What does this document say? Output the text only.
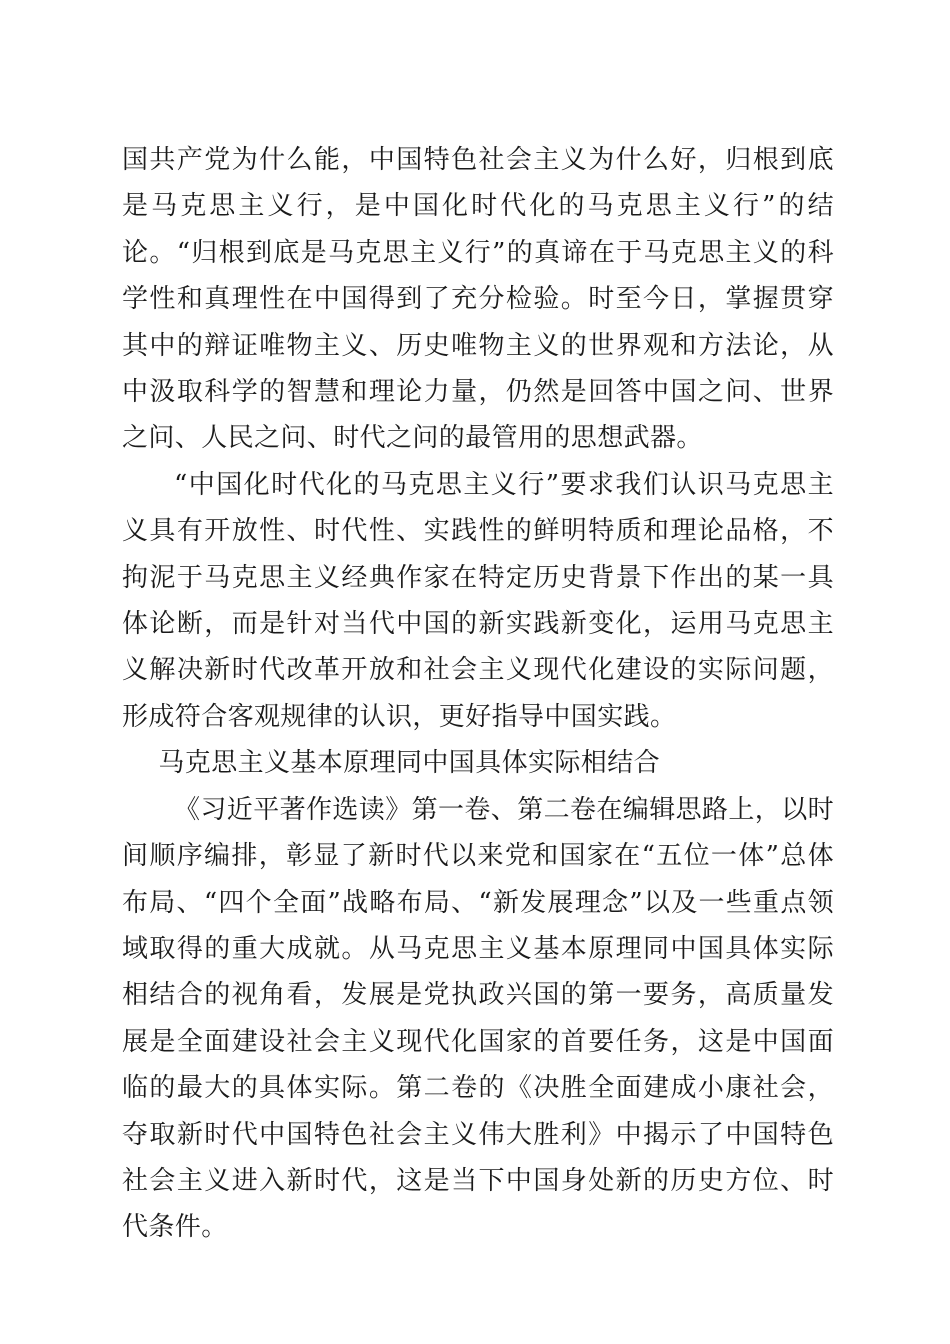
国共产党为什么能，中国特色社会主义为什么好，归根到底是马克思主义行，是中国化时代化的马克思主义行”的结论。“归根到底是马克思主义行”的真谛在于马克思主义的科学性和真理性在中国得到了充分检验。时至今日，掌握贯穿其中的辩证唯物主义、历史唯物主义的世界观和方法论，从中汲取科学的智慧和理论力量，仍然是回答中国之问、世界之问、人民之问、时代之问的最管用的思想武器。

“中国化时代化的马克思主义行”要求我们认识马克思主义具有开放性、时代性、实践性的鲜明特质和理论品格，不拘泥于马克思主义经典作家在特定历史背景下作出的某一具体论断，而是针对当代中国的新实践新变化，运用马克思主义解决新时代改革开放和社会主义现代化建设的实际问题，形成符合客观规律的认识，更好指导中国实践。

马克思主义基本原理同中国具体实际相结合

《习近平著作选读》第一卷、第二卷在编辑思路上，以时间顺序编排，彰显了新时代以来党和国家在“五位一体”总体布局、“四个全面”战略布局、“新发展理念”以及一些重点领域取得的重大成就。从马克思主义基本原理同中国具体实际相结合的视角看，发展是党执政兴国的第一要务，高质量发展是全面建设社会主义现代化国家的首要任务，这是中国面临的最大的具体实际。第二卷的《决胜全面建成小康社会，夺取新时代中国特色社会主义伟大胜利》中揭示了中国特色社会主义进入新时代，这是当下中国身处新的历史方位、时代条件。
